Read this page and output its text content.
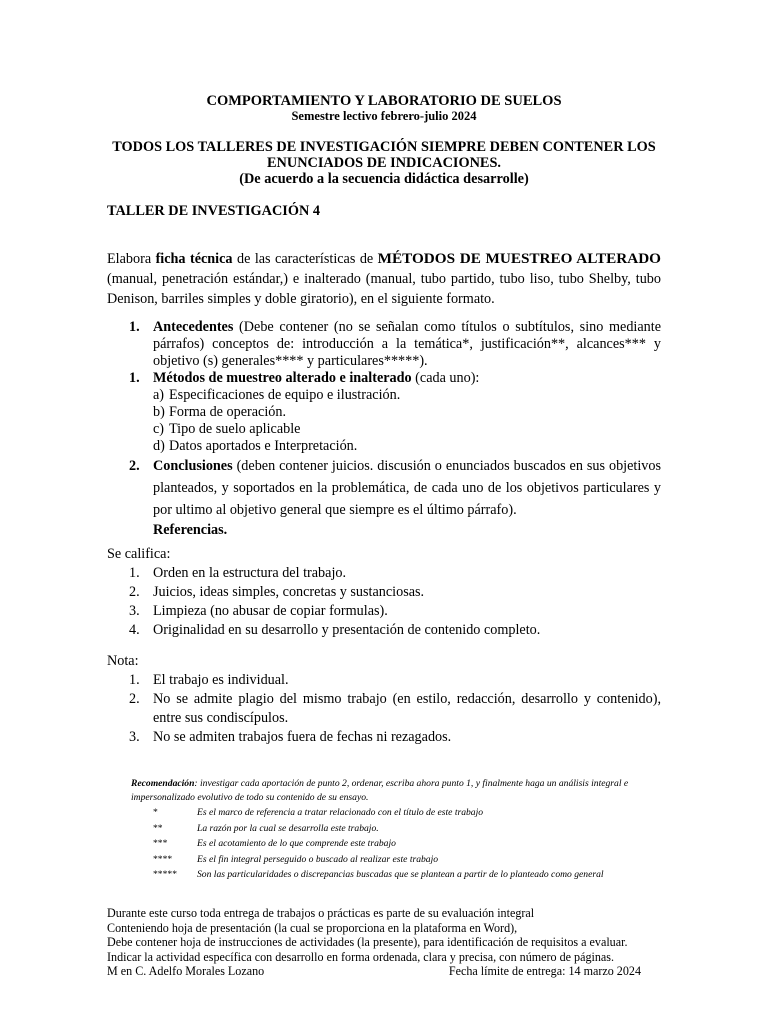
COMPORTAMIENTO Y LABORATORIO DE SUELOS
Semestre lectivo febrero-julio 2024
TODOS LOS TALLERES DE INVESTIGACIÓN SIEMPRE DEBEN CONTENER LOS
ENUNCIADOS DE INDICACIONES.
(De acuerdo a la secuencia didáctica desarrolle)
TALLER DE INVESTIGACIÓN 4
Elabora ficha técnica de las características de MÉTODOS DE MUESTREO ALTERADO (manual, penetración estándar,) e inalterado (manual, tubo partido, tubo liso, tubo Shelby, tubo Denison, barriles simples y doble giratorio), en el siguiente formato.
1. Antecedentes (Debe contener (no se señalan como títulos o subtítulos, sino mediante párrafos) conceptos de: introducción a la temática*, justificación**, alcances*** y objetivo (s) generales**** y particulares*****).
1. Métodos de muestreo alterado e inalterado (cada uno):
a) Especificaciones de equipo e ilustración.
b) Forma de operación.
c) Tipo de suelo aplicable
d) Datos aportados e Interpretación.
2. Conclusiones (deben contener juicios. discusión o enunciados buscados en sus objetivos planteados, y soportados en la problemática, de cada uno de los objetivos particulares y por ultimo al objetivo general que siempre es el último párrafo).
Referencias.
Se califica:
1. Orden en la estructura del trabajo.
2. Juicios, ideas simples, concretas y sustanciosas.
3. Limpieza (no abusar de copiar formulas).
4. Originalidad en su desarrollo y presentación de contenido completo.
Nota:
1. El trabajo es individual.
2. No se admite plagio del mismo trabajo (en estilo, redacción, desarrollo y contenido), entre sus condiscípulos.
3. No se admiten trabajos fuera de fechas ni rezagados.
Recomendación: investigar cada aportación de punto 2, ordenar, escriba ahora punto 1, y finalmente haga un análisis integral e impersonalizado evolutivo de todo su contenido de su ensayo.
*	Es el marco de referencia a tratar relacionado con el título de este trabajo
**	La razón por la cual se desarrolla este trabajo.
***	Es el acotamiento de lo que comprende este trabajo
****	Es el fin integral perseguido o buscado al realizar este trabajo
***** Son las particularidades o discrepancias buscadas que se plantean a partir de lo planteado como general
Durante este curso toda entrega de trabajos o prácticas es parte de su evaluación integral
Conteniendo hoja de presentación (la cual se proporciona en la plataforma en Word),
Debe contener hoja de instrucciones de actividades (la presente), para identificación de requisitos a evaluar.
Indicar la actividad específica con desarrollo en forma ordenada, clara y precisa, con número de páginas.
M en C. Adelfo Morales Lozano	Fecha límite de entrega: 14 marzo 2024
